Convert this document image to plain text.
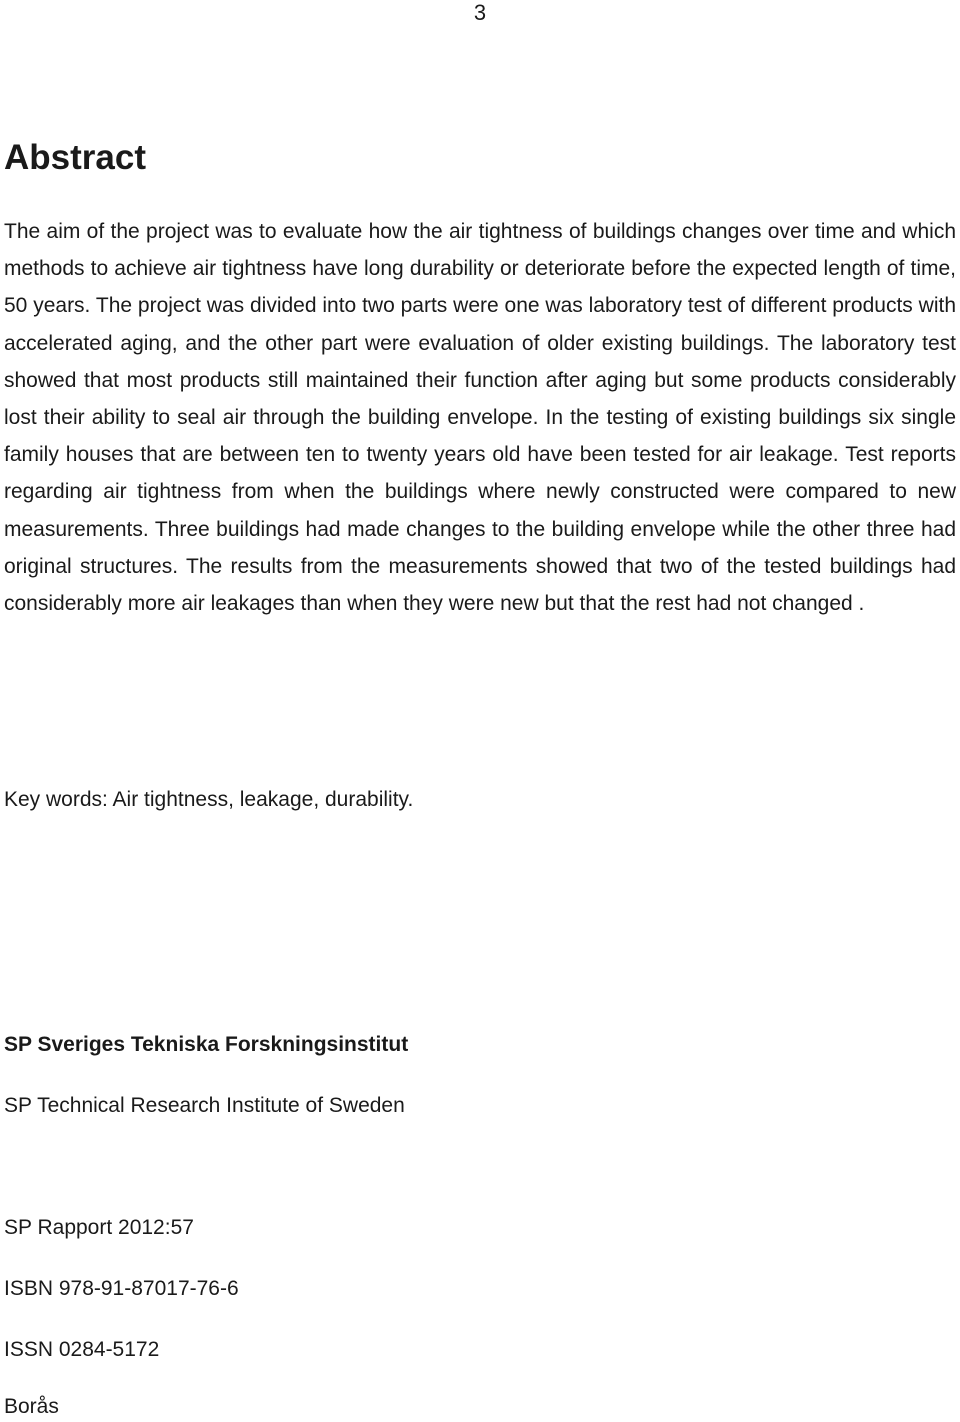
3
Abstract

The aim of the project was to evaluate how the air tightness of buildings changes over time and which methods to achieve air tightness have long durability or deteriorate before the expected length of time, 50 years. The project was divided into two parts were one was laboratory test of different products with accelerated aging, and the other part were evaluation of older existing buildings. The laboratory test showed that most products still maintained their function after aging but some products considerably lost their ability to seal air through the building envelope. In the testing of existing buildings six single family houses that are between ten to twenty years old have been tested for air leakage. Test reports regarding air tightness from when the buildings where newly constructed were compared to new measurements. Three buildings had made changes to the building envelope while the other three had original structures. The results from the measurements showed that two of the tested buildings had considerably more air leakages than when they were new but that the rest had not changed .

Key words: Air tightness, leakage, durability.

SP Sveriges Tekniska Forskningsinstitut

SP Technical Research Institute of Sweden

SP Rapport 2012:57

ISBN 978-91-87017-76-6

ISSN 0284-5172

Borås
